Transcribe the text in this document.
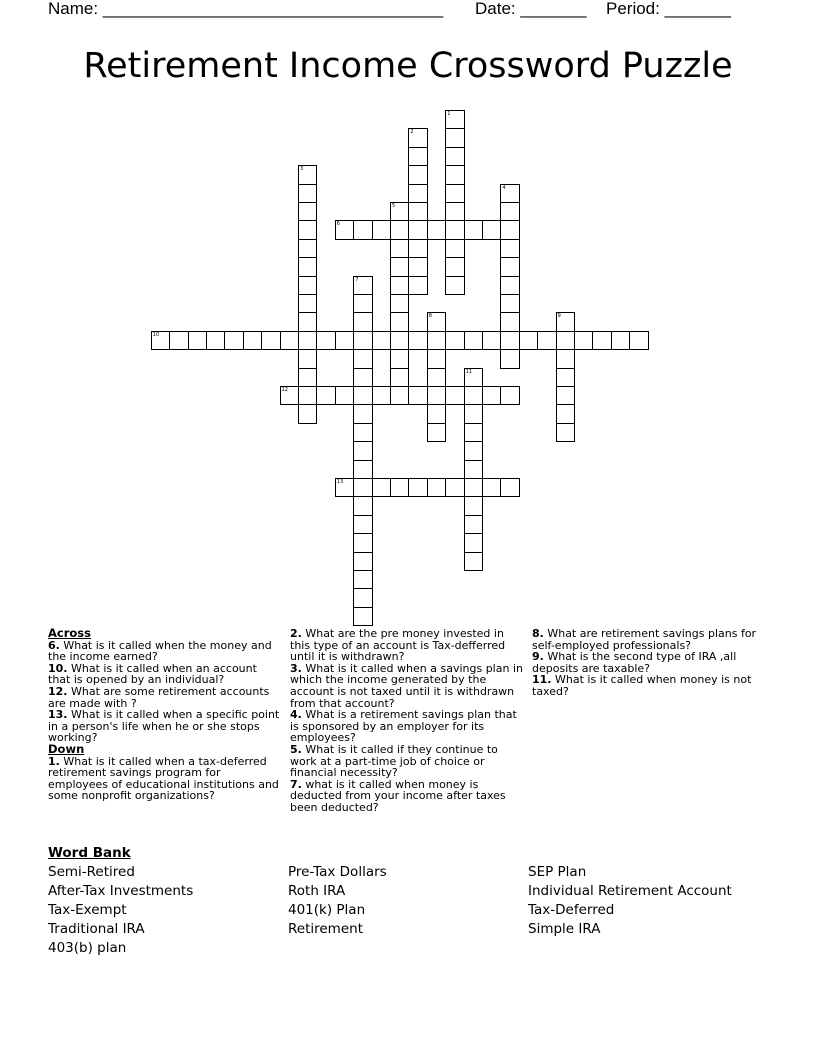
Name: ____________________________________ Date: _______ Period: _______
Retirement Income Crossword Puzzle
1
2
3
4
5
6
7
8	9
10
11
12
13
Across
6. What is it called when the money and the income earned?
10. What is it called when an account that is opened by an individual?
12. What are some retirement accounts are made with ?
13. What is it called when a specific point in a person's life when he or she stops working?
Down
1. What is it called when a tax-deferred retirement savings program for employees of educational institutions and some nonprofit organizations?
2. What are the pre money invested in this type of an account is Tax-defferred until it is withdrawn?
3. What is it called when a savings plan in which the income generated by the account is not taxed until it is withdrawn from that account?
4. What is a retirement savings plan that is sponsored by an employer for its employees?
5. What is it called if they continue to work at a part-time job of choice or financial necessity?
7. what is it called when money is deducted from your income after taxes been deducted?
8. What are retirement savings plans for self-employed professionals?
9. What is the second type of IRA ,all deposits are taxable?
11. What is it called when money is not taxed?
Word Bank
Semi-Retired
After-Tax Investments
Tax-Exempt
Traditional IRA
403(b) plan
Pre-Tax Dollars
Roth IRA
401(k) Plan
Retirement
SEP Plan
Individual Retirement Account
Tax-Deferred
Simple IRA
